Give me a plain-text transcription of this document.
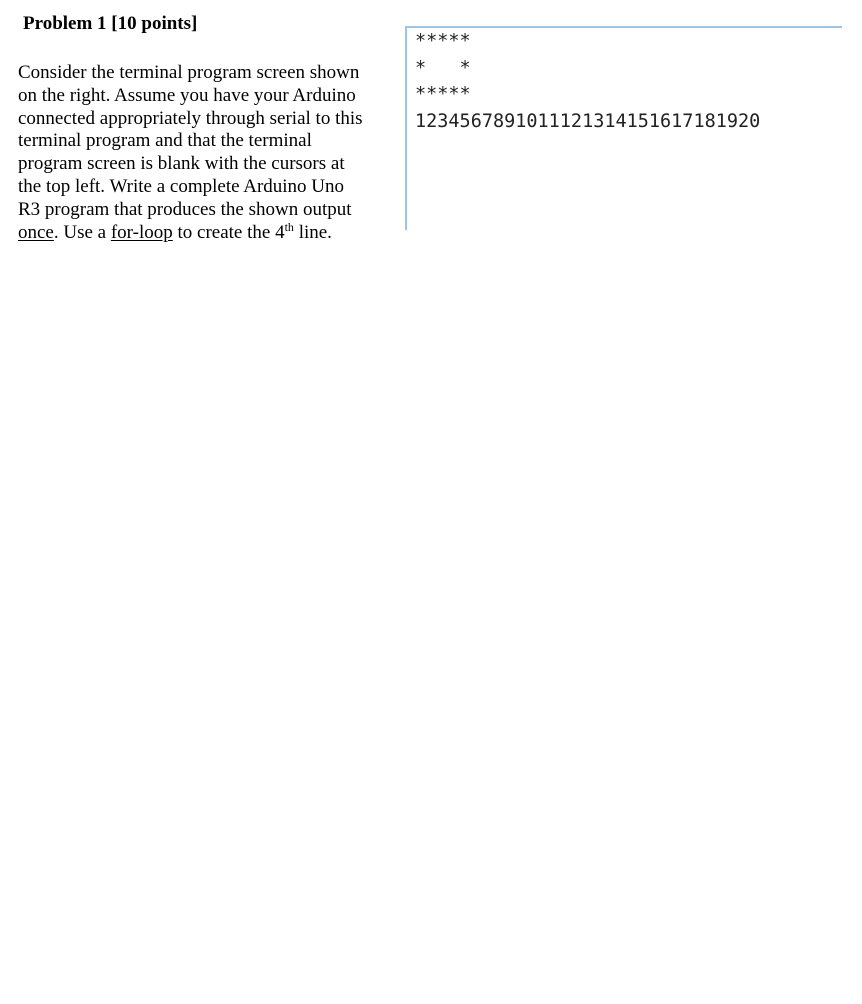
Problem 1 [10 points]
Consider the terminal program screen shown
on the right. Assume you have your Arduino
connected appropriately through serial to this
terminal program and that the terminal
program screen is blank with the cursors at
the top left. Write a complete Arduino Uno
R3 program that produces the shown output
once. Use a for-loop to create the 4th line.
*****
*   *
*****
1234567891011121314151617181920
